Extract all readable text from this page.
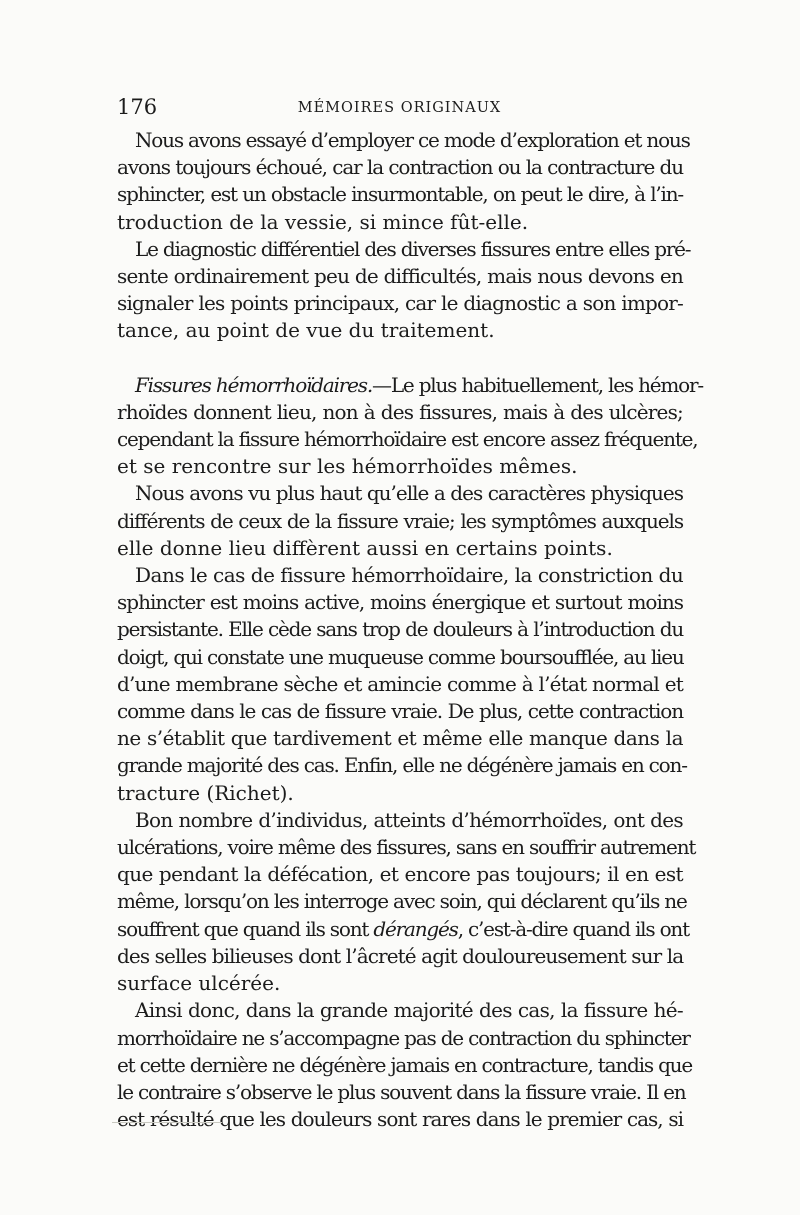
176	MÉMOIRES ORIGINAUX

Nous avons essayé d’employer ce mode d’exploration et nous
avons toujours échoué, car la contraction ou la contracture du
sphincter, est un obstacle insurmontable, on peut le dire, à l’in-
troduction de la vessie, si mince fût-elle.

Le diagnostic différentiel des diverses fissures entre elles pré-
sente ordinairement peu de difficultés, mais nous devons en
signaler les points principaux, car le diagnostic a son impor-
tance, au point de vue du traitement.

Fissures hémorrhoïdaires.—Le plus habituellement, les hémor-
rhoïdes donnent lieu, non à des fissures, mais à des ulcères;
cependant la fissure hémorrhoïdaire est encore assez fréquente,
et se rencontre sur les hémorrhoïdes mêmes.

Nous avons vu plus haut qu’elle a des caractères physiques
différents de ceux de la fissure vraie; les symptômes auxquels
elle donne lieu diffèrent aussi en certains points.

Dans le cas de fissure hémorrhoïdaire, la constriction du
sphincter est moins active, moins énergique et surtout moins
persistante. Elle cède sans trop de douleurs à l’introduction du
doigt, qui constate une muqueuse comme boursoufflée, au lieu
d’une membrane sèche et amincie comme à l’état normal et
comme dans le cas de fissure vraie. De plus, cette contraction
ne s’établit que tardivement et même elle manque dans la
grande majorité des cas. Enfin, elle ne dégénère jamais en con-
tracture (Richet).

Bon nombre d’individus, atteints d’hémorrhoïdes, ont des
ulcérations, voire même des fissures, sans en souffrir autrement
que pendant la défécation, et encore pas toujours; il en est
même, lorsqu’on les interroge avec soin, qui déclarent qu’ils ne
souffrent que quand ils sont dérangés, c’est-à-dire quand ils ont
des selles bilieuses dont l’âcreté agit douloureusement sur la
surface ulcérée.

Ainsi donc, dans la grande majorité des cas, la fissure hé-
morrhoïdaire ne s’accompagne pas de contraction du sphincter
et cette dernière ne dégénère jamais en contracture, tandis que
le contraire s’observe le plus souvent dans la fissure vraie. Il en
est résulté que les douleurs sont rares dans le premier cas, si
